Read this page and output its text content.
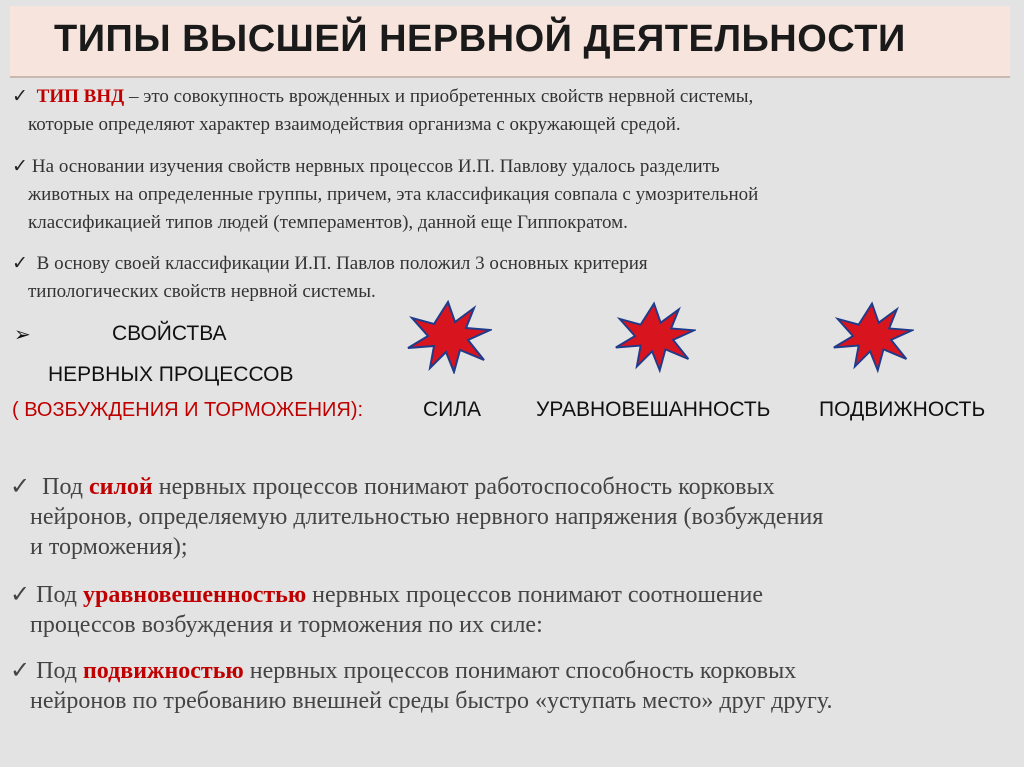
ТИПЫ ВЫСШЕЙ НЕРВНОЙ ДЕЯТЕЛЬНОСТИ
✓ ТИП ВНД – это совокупность врожденных и приобретенных свойств нервной системы,
которые определяют характер взаимодействия организма с окружающей средой.
✓ На основании изучения свойств нервных процессов И.П. Павлову удалось разделить
животных на определенные группы, причем, эта классификация совпала с умозрительной
классификацией типов людей (темпераментов), данной еще Гиппократом.
✓ В основу своей классификации И.П. Павлов положил 3 основных критерия
типологических свойств нервной системы.
➢	СВОЙСТВА
НЕРВНЫХ ПРОЦЕССОВ
( ВОЗБУЖДЕНИЯ И ТОРМОЖЕНИЯ):	СИЛА	УРАВНОВЕШАННОСТЬ ПОДВИЖНОСТЬ
✓  Под силой нервных процессов понимают работоспособность корковых
нейронов, определяемую длительностью нервного напряжения (возбуждения
и торможения);
✓ Под уравновешенностью нервных процессов понимают соотношение
процессов возбуждения и торможения по их силе:
✓ Под подвижностью нервных процессов понимают способность корковых
нейронов по требованию внешней среды быстро «уступать место» друг другу.
